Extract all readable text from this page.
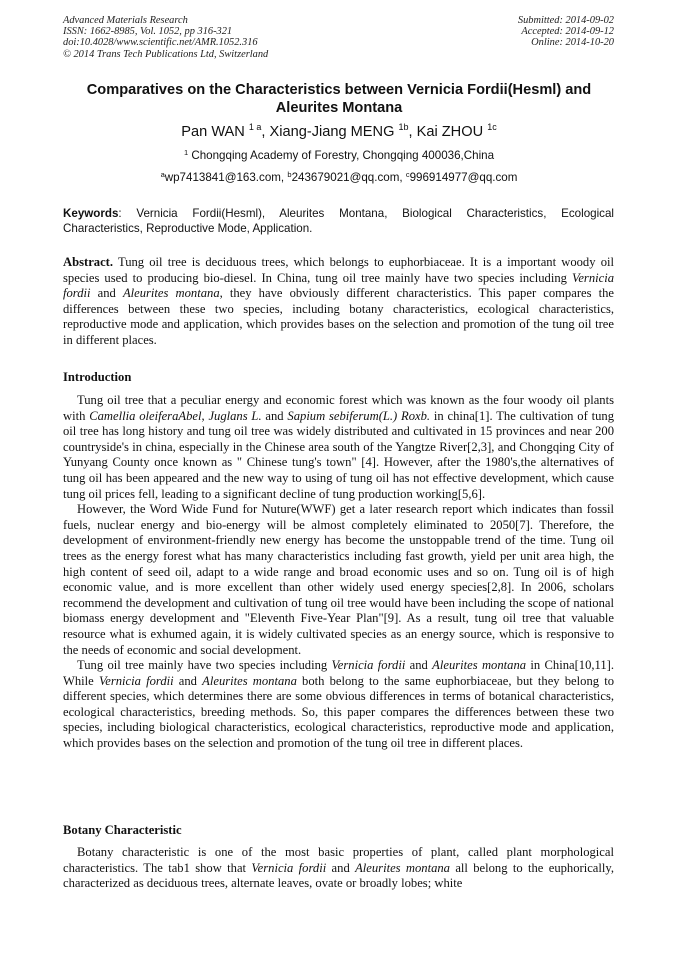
Advanced Materials Research
ISSN: 1662-8985, Vol. 1052, pp 316-321
doi:10.4028/www.scientific.net/AMR.1052.316
© 2014 Trans Tech Publications Ltd, Switzerland
Submitted: 2014-09-02
Accepted: 2014-09-12
Online: 2014-10-20
Comparatives on the Characteristics between Vernicia Fordii(Hesml) and
Aleurites Montana
Pan WAN $^{1 a}$, Xiang-Jiang MENG $^{1b}$, Kai ZHOU $^{1c}$
$^1$ Chongqing Academy of Forestry, Chongqing 400036,China
$^a$wp7413841@163.com, $^b$243679021@qq.com, $^c$996914977@qq.com
Keywords: Vernicia Fordii(Hesml), Aleurites Montana, Biological Characteristics, Ecological Characteristics, Reproductive Mode, Application.
Abstract. Tung oil tree is deciduous trees, which belongs to euphorbiaceae. It is a important woody oil species used to producing bio-diesel. In China, tung oil tree mainly have two species including Vernicia fordii and Aleurites montana, they have obviously different characteristics. This paper compares the differences between these two species, including botany characteristics, ecological characteristics, reproductive mode and application, which provides bases on the selection and promotion of the tung oil tree in different places.
Introduction

Tung oil tree that a peculiar energy and economic forest which was known as the four woody oil plants with Camellia oleiferaAbel, Juglans L. and Sapium sebiferum(L.) Roxb. in china[1]. The cultivation of tung oil tree has long history and tung oil tree was widely distributed and cultivated in 15 provinces and near 200 countryside's in china, especially in the Chinese area south of the Yangtze River[2,3], and Chongqing City of Yunyang County once known as " Chinese tung's town" [4]. However, after the 1980's,the alternatives of tung oil has been appeared and the new way to using of tung oil has not effective development, which cause tung oil prices fell, leading to a significant decline of tung production working[5,6].

However, the Word Wide Fund for Nuture(WWF) get a later research report which indicates than fossil fuels, nuclear energy and bio-energy will be almost completely eliminated to 2050[7]. Therefore, the development of environment-friendly new energy has become the unstoppable trend of the time. Tung oil trees as the energy forest what has many characteristics including fast growth, yield per unit area high, the high content of seed oil, adapt to a wide range and broad economic uses and so on. Tung oil is of high economic value, and is more excellent than other widely used energy species[2,8]. In 2006, scholars recommend the development and cultivation of tung oil tree would have been including the scope of national biomass energy development and "Eleventh Five-Year Plan"[9]. As a result, tung oil tree that valuable resource what is exhumed again, it is widely cultivated species as an energy source, which is responsive to the needs of economic and social development.

Tung oil tree mainly have two species including Vernicia fordii and Aleurites montana in China[10,11]. While Vernicia fordii and Aleurites montana both belong to the same euphorbiaceae, but they belong to different species, which determines there are some obvious differences in terms of botanical characteristics, ecological characteristics, breeding methods. So, this paper compares the differences between these two species, including biological characteristics, ecological characteristics, reproductive mode and application, which provides bases on the selection and promotion of the tung oil tree in different places.

Botany Characteristic

Botany characteristic is one of the most basic properties of plant, called plant morphological characteristics. The tab1 show that Vernicia fordii and Aleurites montana all belong to the euphorically, characterized as deciduous trees, alternate leaves, ovate or broadly lobes; white
